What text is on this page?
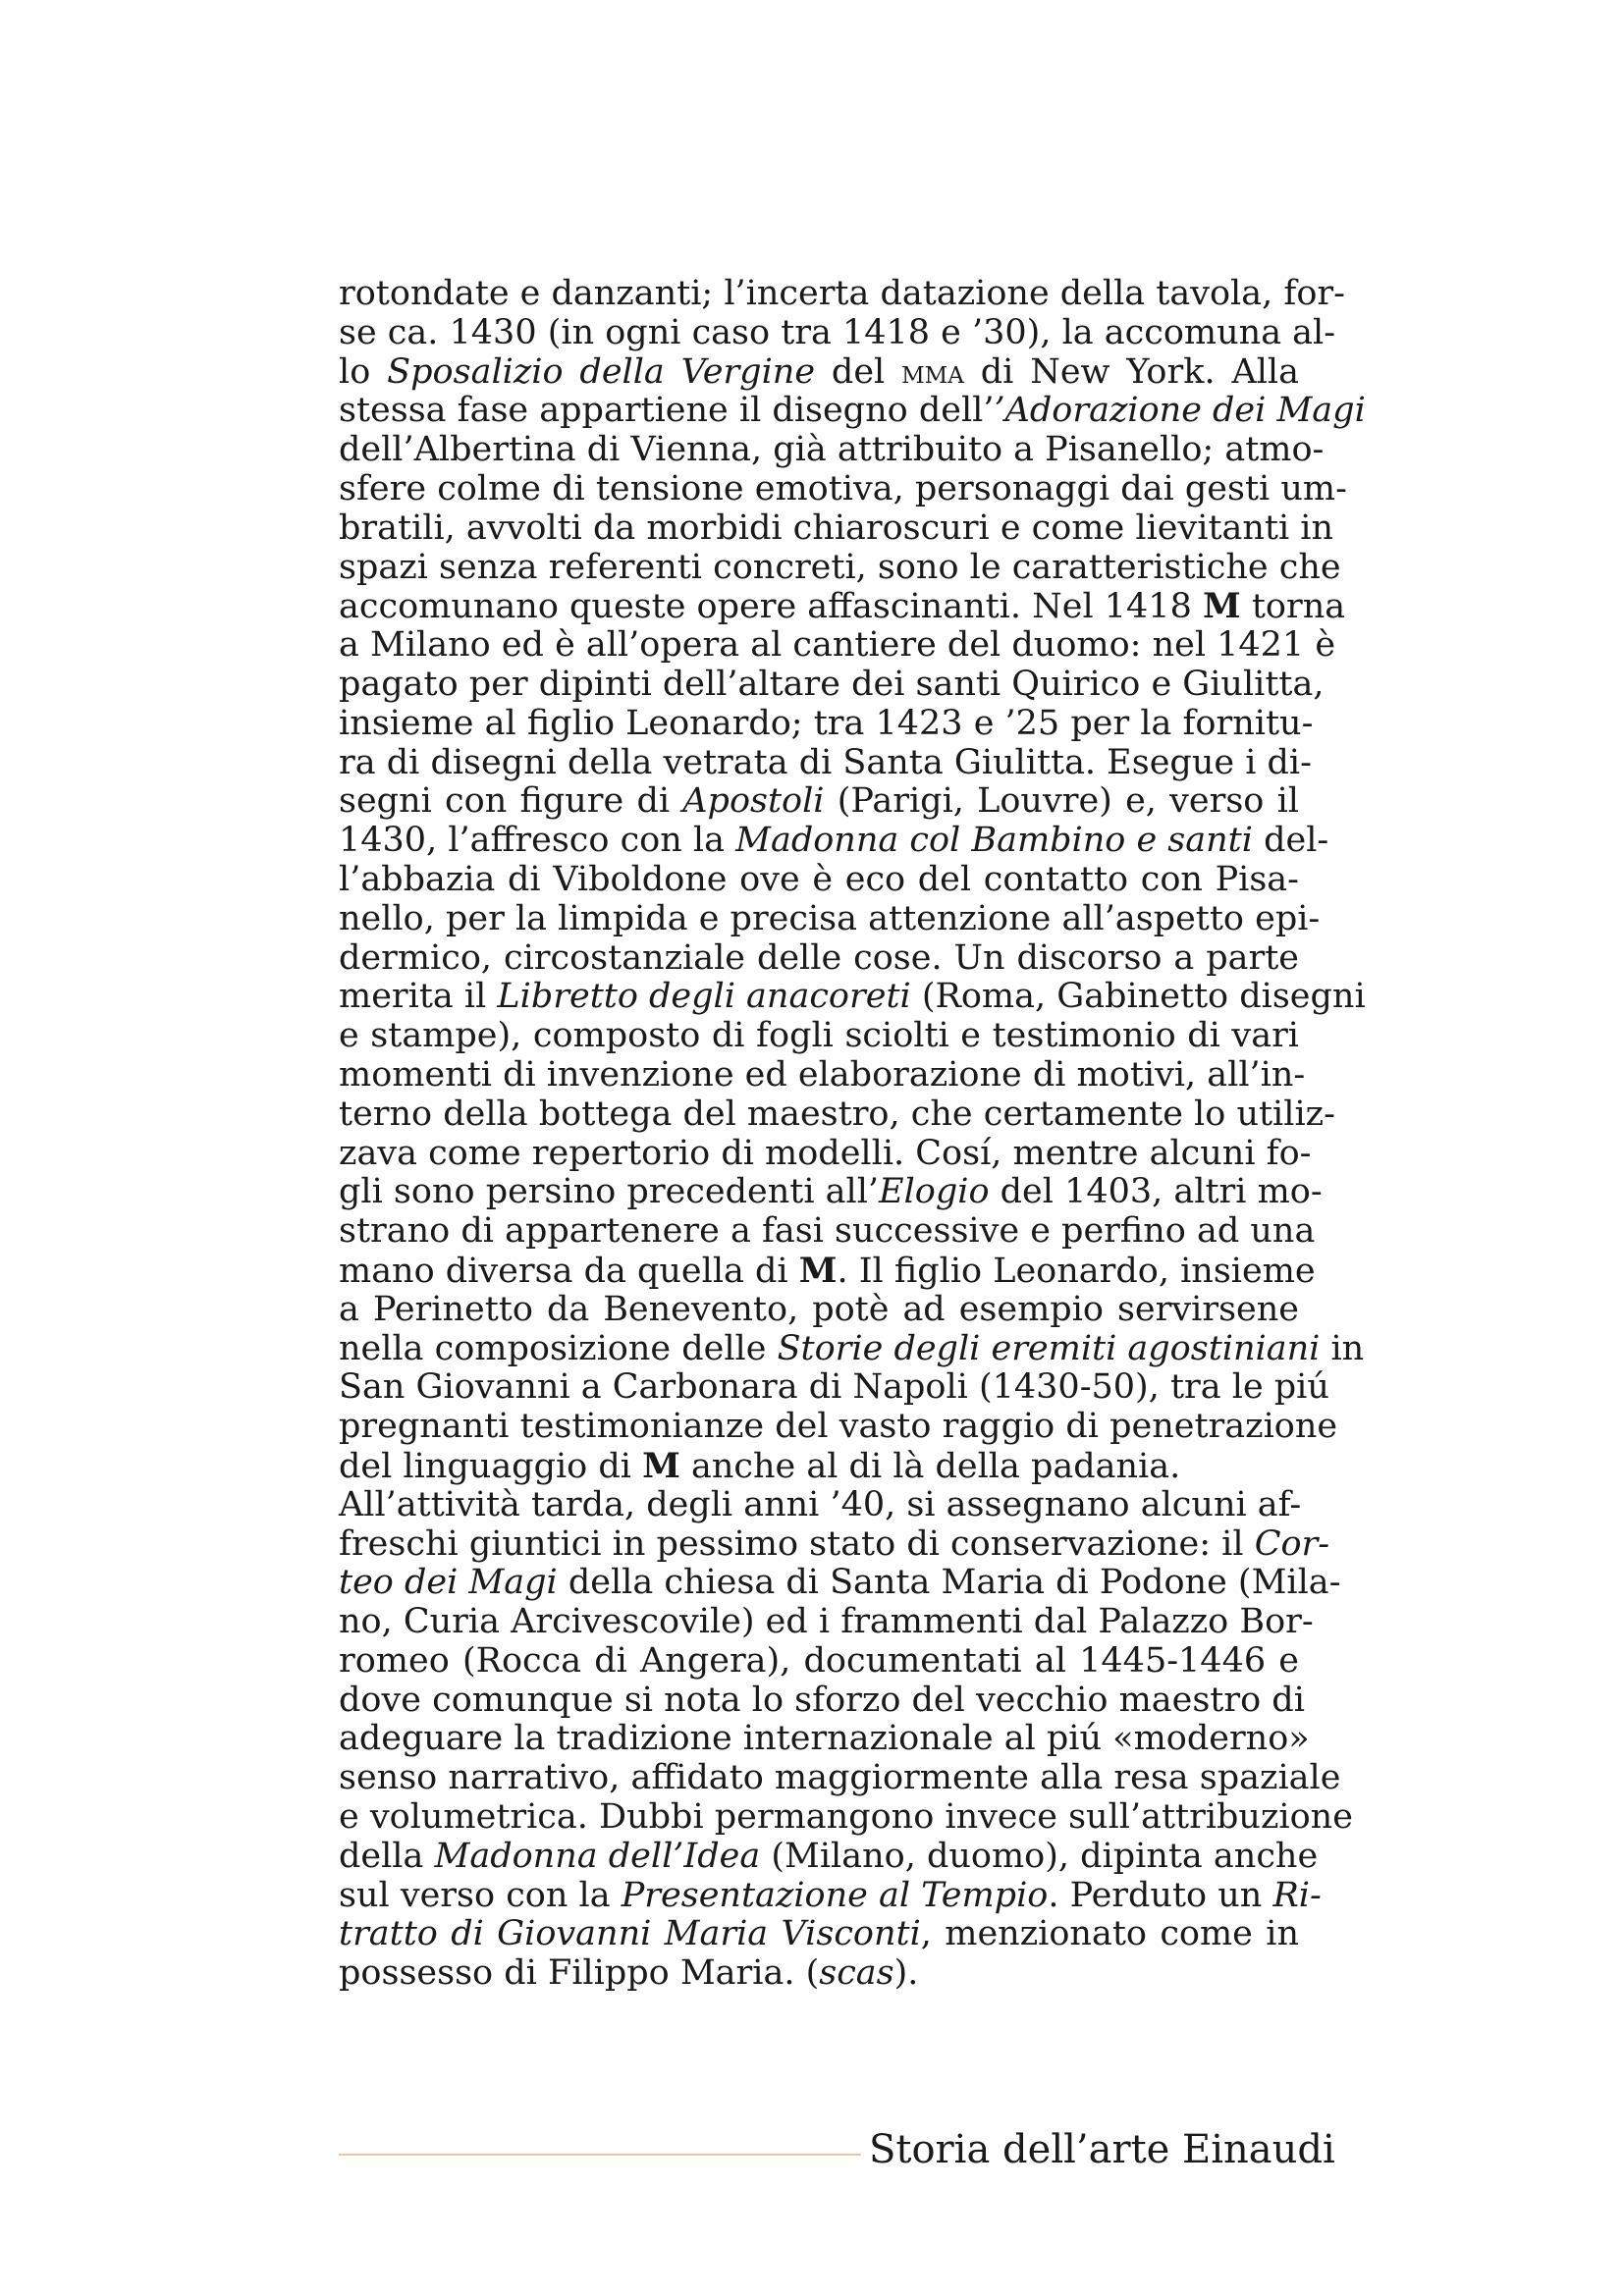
rotondate e danzanti; l’incerta datazione della tavola, for-
se ca. 1430 (in ogni caso tra 1418 e ’30), la accomuna al-
lo Sposalizio della Vergine del mma di New York. Alla
stessa fase appartiene il disegno dell’’Adorazione dei Magi
dell’Albertina di Vienna, già attribuito a Pisanello; atmo-
sfere colme di tensione emotiva, personaggi dai gesti um-
bratili, avvolti da morbidi chiaroscuri e come lievitanti in
spazi senza referenti concreti, sono le caratteristiche che
accomunano queste opere affascinanti. Nel 1418 M torna
a Milano ed è all’opera al cantiere del duomo: nel 1421 è
pagato per dipinti dell’altare dei santi Quirico e Giulitta,
insieme al figlio Leonardo; tra 1423 e ’25 per la fornitu-
ra di disegni della vetrata di Santa Giulitta. Esegue i di-
segni con figure di Apostoli (Parigi, Louvre) e, verso il
1430, l’affresco con la Madonna col Bambino e santi del-
l’abbazia di Viboldone ove è eco del contatto con Pisa-
nello, per la limpida e precisa attenzione all’aspetto epi-
dermico, circostanziale delle cose. Un discorso a parte
merita il Libretto degli anacoreti (Roma, Gabinetto disegni
e stampe), composto di fogli sciolti e testimonio di vari
momenti di invenzione ed elaborazione di motivi, all’in-
terno della bottega del maestro, che certamente lo utiliz-
zava come repertorio di modelli. Cosí, mentre alcuni fo-
gli sono persino precedenti all’Elogio del 1403, altri mo-
strano di appartenere a fasi successive e perfino ad una
mano diversa da quella di M. Il figlio Leonardo, insieme
a Perinetto da Benevento, potè ad esempio servirsene
nella composizione delle Storie degli eremiti agostiniani in
San Giovanni a Carbonara di Napoli (1430-50), tra le piú
pregnanti testimonianze del vasto raggio di penetrazione
del linguaggio di M anche al di là della padania.
All’attività tarda, degli anni ’40, si assegnano alcuni af-
freschi giuntici in pessimo stato di conservazione: il Cor-
teo dei Magi della chiesa di Santa Maria di Podone (Mila-
no, Curia Arcivescovile) ed i frammenti dal Palazzo Bor-
romeo (Rocca di Angera), documentati al 1445-1446 e
dove comunque si nota lo sforzo del vecchio maestro di
adeguare la tradizione internazionale al piú «moderno»
senso narrativo, affidato maggiormente alla resa spaziale
e volumetrica. Dubbi permangono invece sull’attribuzione
della Madonna dell’Idea (Milano, duomo), dipinta anche
sul verso con la Presentazione al Tempio. Perduto un Ri-
tratto di Giovanni Maria Visconti, menzionato come in
possesso di Filippo Maria. (scas).
Storia dell’arte Einaudi
